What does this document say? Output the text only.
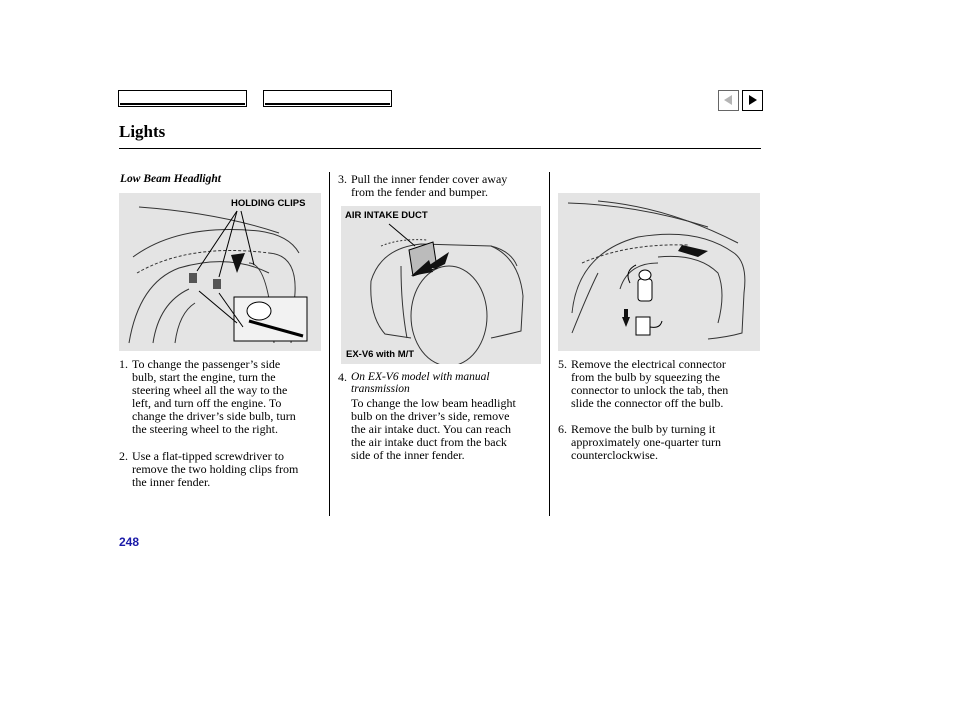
Lights
Low Beam Headlight
HOLDING CLIPS
1. To change the passenger’s side
bulb, start the engine, turn the
steering wheel all the way to the
left, and turn off the engine. To
change the driver’s side bulb, turn
the steering wheel to the right.
2. Use a flat-tipped screwdriver to
remove the two holding clips from
the inner fender.
3. Pull the inner fender cover away
from the fender and bumper.
AIR INTAKE DUCT
EX-V6 with M/T
4. On EX-V6 model with manual
transmission
To change the low beam headlight
bulb on the driver’s side, remove
the air intake duct. You can reach
the air intake duct from the back
side of the inner fender.
5. Remove the electrical connector
from the bulb by squeezing the
connector to unlock the tab, then
slide the connector off the bulb.
6. Remove the bulb by turning it
approximately one-quarter turn
counterclockwise.
248
